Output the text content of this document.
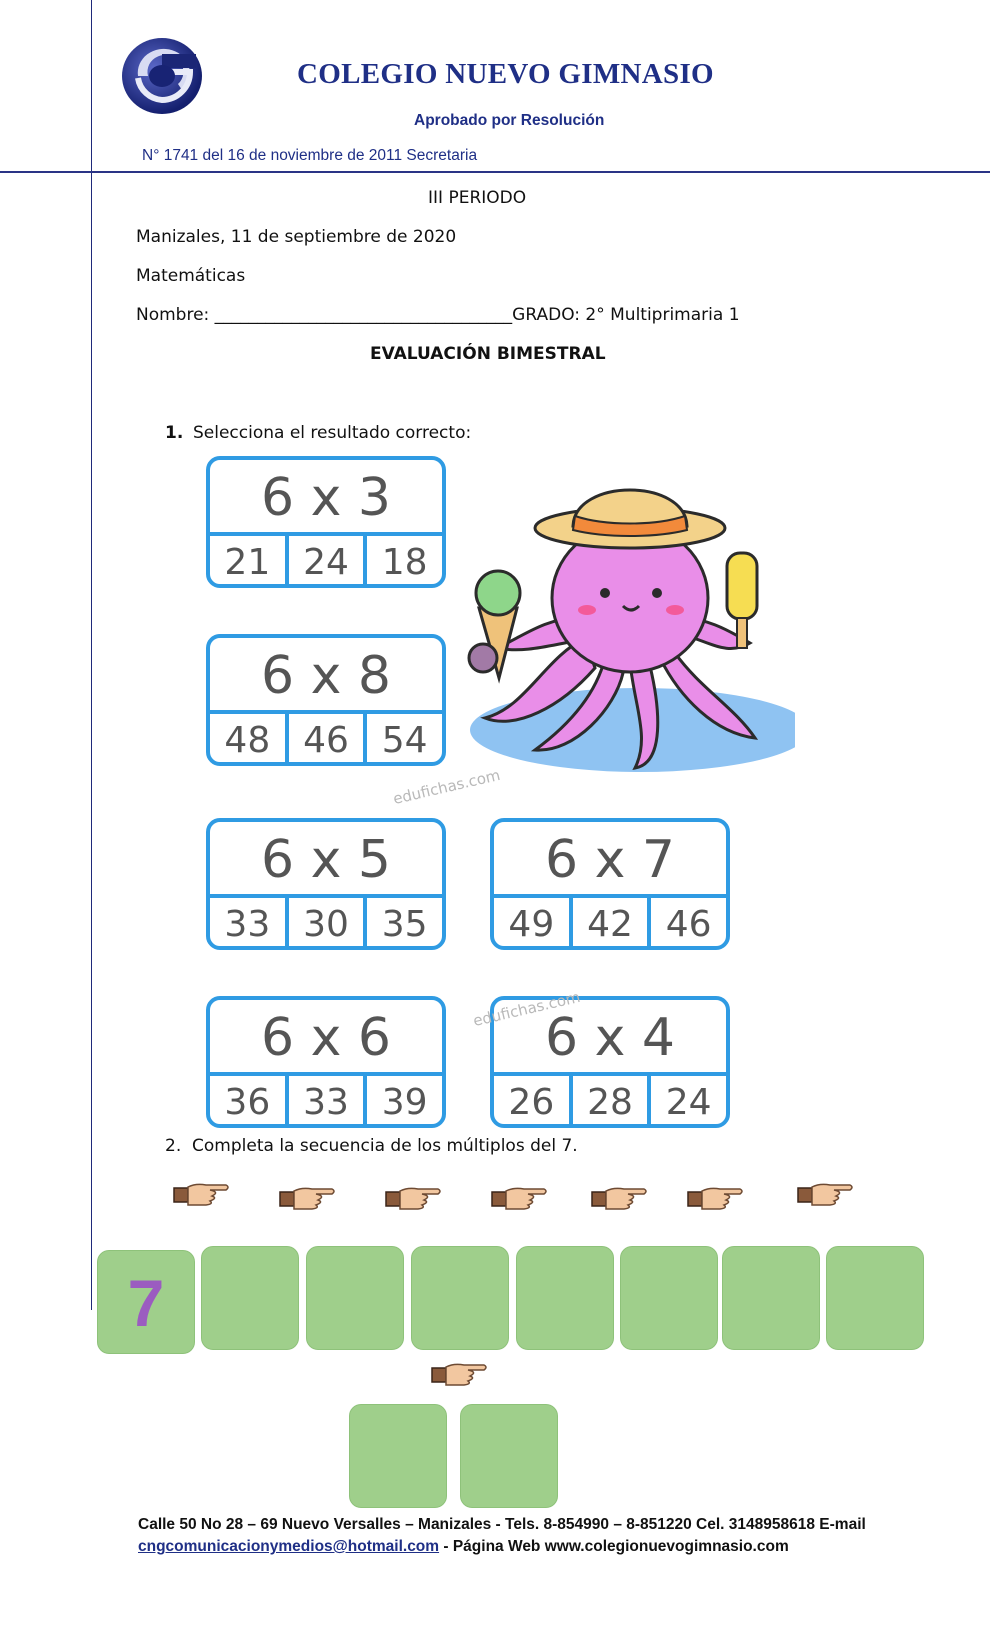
COLEGIO NUEVO GIMNASIO
Aprobado por Resolución
N° 1741 del 16 de noviembre de 2011 Secretaria
III PERIODO
Manizales, 11 de septiembre de 2020
Matemáticas
Nombre: ___________________________________GRADO: 2° Multiprimaria 1
EVALUACIÓN BIMESTRAL
1. Selecciona el resultado correcto:
6 x 3
21 24 18
6 x 8
48 46 54
6 x 5
33 30 35
6 x 7
49 42 46
6 x 6
36 33 39
6 x 4
26 28 24
edufichas.com
edufichas.com
2.  Completa la secuencia de los múltiplos del 7.
7
Calle 50 No 28 – 69 Nuevo Versalles – Manizales - Tels. 8-854990 – 8-851220 Cel. 3148958618 E-mail
cngcomunicacionymedios@hotmail.com - Página Web www.colegionuevogimnasio.com
